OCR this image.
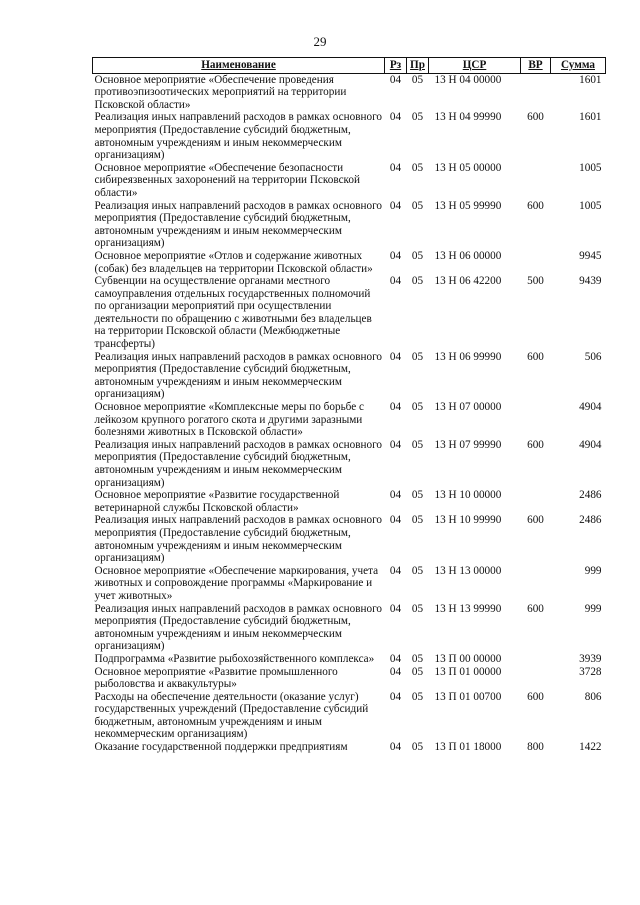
29
Наименование	Рз	Пр	ЦСР	ВР	Сумма
Основное мероприятие «Обеспечение проведения противоэпизоотических мероприятий на территории Псковской области»	04	05	13 Н 04 00000		1601
Реализация иных направлений расходов в рамках основного мероприятия (Предоставление субсидий бюджетным, автономным учреждениям и иным некоммерческим организациям)	04	05	13 Н 04 99990	600	1601
Основное мероприятие «Обеспечение безопасности сибиреязвенных захоронений на территории Псковской области»	04	05	13 Н 05 00000		1005
Реализация иных направлений расходов в рамках основного мероприятия (Предоставление субсидий бюджетным, автономным учреждениям и иным некоммерческим организациям)	04	05	13 Н 05 99990	600	1005
Основное мероприятие «Отлов и содержание животных (собак) без владельцев на территории Псковской области»	04	05	13 Н 06 00000		9945
Субвенции на осуществление органами местного самоуправления отдельных государственных полномочий по организации мероприятий при осуществлении деятельности по обращению с животными без владельцев на территории Псковской области (Межбюджетные трансферты)	04	05	13 Н 06 42200	500	9439
Реализация иных направлений расходов в рамках основного мероприятия (Предоставление субсидий бюджетным, автономным учреждениям и иным некоммерческим организациям)	04	05	13 Н 06 99990	600	506
Основное мероприятие «Комплексные меры по борьбе с лейкозом крупного рогатого скота и другими заразными болезнями животных в Псковской области»	04	05	13 Н 07 00000		4904
Реализация иных направлений расходов в рамках основного мероприятия (Предоставление субсидий бюджетным, автономным учреждениям и иным некоммерческим организациям)	04	05	13 Н 07 99990	600	4904
Основное мероприятие «Развитие государственной ветеринарной службы Псковской области»	04	05	13 Н 10 00000		2486
Реализация иных направлений расходов в рамках основного мероприятия (Предоставление субсидий бюджетным, автономным учреждениям и иным некоммерческим организациям)	04	05	13 Н 10 99990	600	2486
Основное мероприятие «Обеспечение маркирования, учета животных и сопровождение программы «Маркирование и учет животных»	04	05	13 Н 13 00000		999
Реализация иных направлений расходов в рамках основного мероприятия (Предоставление субсидий бюджетным, автономным учреждениям и иным некоммерческим организациям)	04	05	13 Н 13 99990	600	999
Подпрограмма «Развитие рыбохозяйственного комплекса»	04	05	13 П 00 00000		3939
Основное мероприятие «Развитие промышленного рыболовства и аквакультуры»	04	05	13 П 01 00000		3728
Расходы на обеспечение деятельности (оказание услуг) государственных учреждений (Предоставление субсидий бюджетным, автономным учреждениям и иным некоммерческим организациям)	04	05	13 П 01 00700	600	806
Оказание государственной поддержки предприятиям	04	05	13 П 01 18000	800	1422
